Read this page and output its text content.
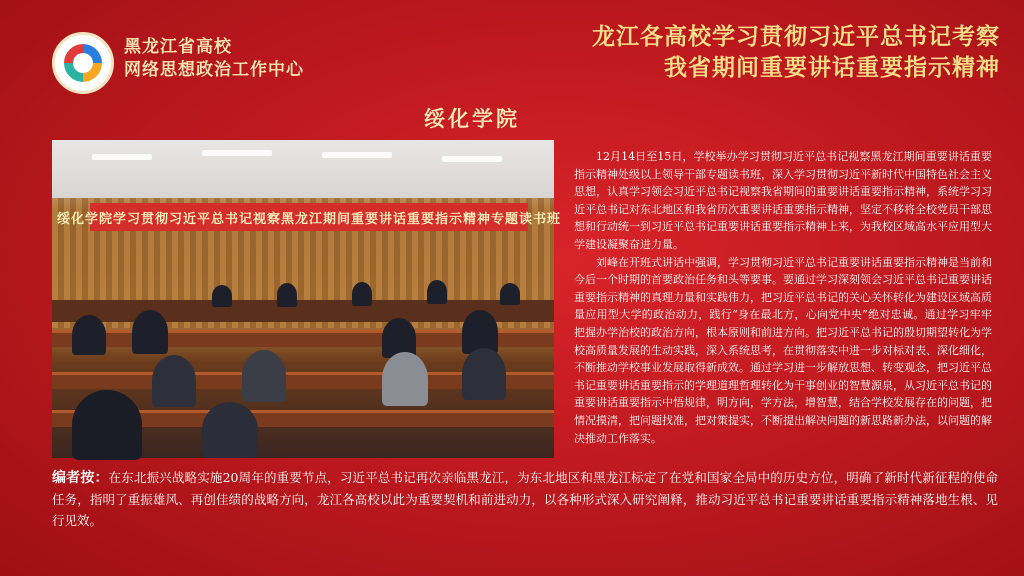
黑龙江省高校
网络思想政治工作中心
龙江各高校学习贯彻习近平总书记考察
我省期间重要讲话重要指示精神
绥化学院
绥化学院学习贯彻习近平总书记视察黑龙江期间重要讲话重要指示精神专题读书班

12月14日至15日，学校举办学习贯彻习近平总书记视察黑龙江期间重要讲话重要指示精神处级以上领导干部专题读书班，深入学习贯彻习近平新时代中国特色社会主义思想，认真学习领会习近平总书记视察我省期间的重要讲话重要指示精神，系统学习习近平总书记对东北地区和我省历次重要讲话重要指示精神，坚定不移将全校党员干部思想和行动统一到习近平总书记重要讲话重要指示精神上来，为我校区域高水平应用型大学建设凝聚奋进力量。

刘峰在开班式讲话中强调，学习贯彻习近平总书记重要讲话重要指示精神是当前和今后一个时期的首要政治任务和头等要事。要通过学习深刻领会习近平总书记重要讲话重要指示精神的真理力量和实践伟力，把习近平总书记的关心关怀转化为建设区域高质量应用型大学的政治动力，践行“身在最北方，心向党中央”绝对忠诚。通过学习牢牢把握办学治校的政治方向，根本原则和前进方向。把习近平总书记的殷切期望转化为学校高质量发展的生动实践，深入系统思考，在贯彻落实中进一步对标对表、深化细化，不断推动学校事业发展取得新成效。通过学习进一步解放思想、转变观念，把习近平总书记重要讲话重要指示的学理道理哲理转化为干事创业的智慧源泉，从习近平总书记的重要讲话重要指示中悟规律，明方向，学方法，增智慧，结合学校发展存在的问题，把情况摸清，把问题找准，把对策提实，不断提出解决问题的新思路新办法，以问题的解决推动工作落实。

编者按：在东北振兴战略实施20周年的重要节点，习近平总书记再次亲临黑龙江，为东北地区和黑龙江标定了在党和国家全局中的历史方位，明确了新时代新征程的使命任务，指明了重振雄风、再创佳绩的战略方向，龙江各高校以此为重要契机和前进动力，以各种形式深入研究阐释，推动习近平总书记重要讲话重要指示精神落地生根、见行见效。
